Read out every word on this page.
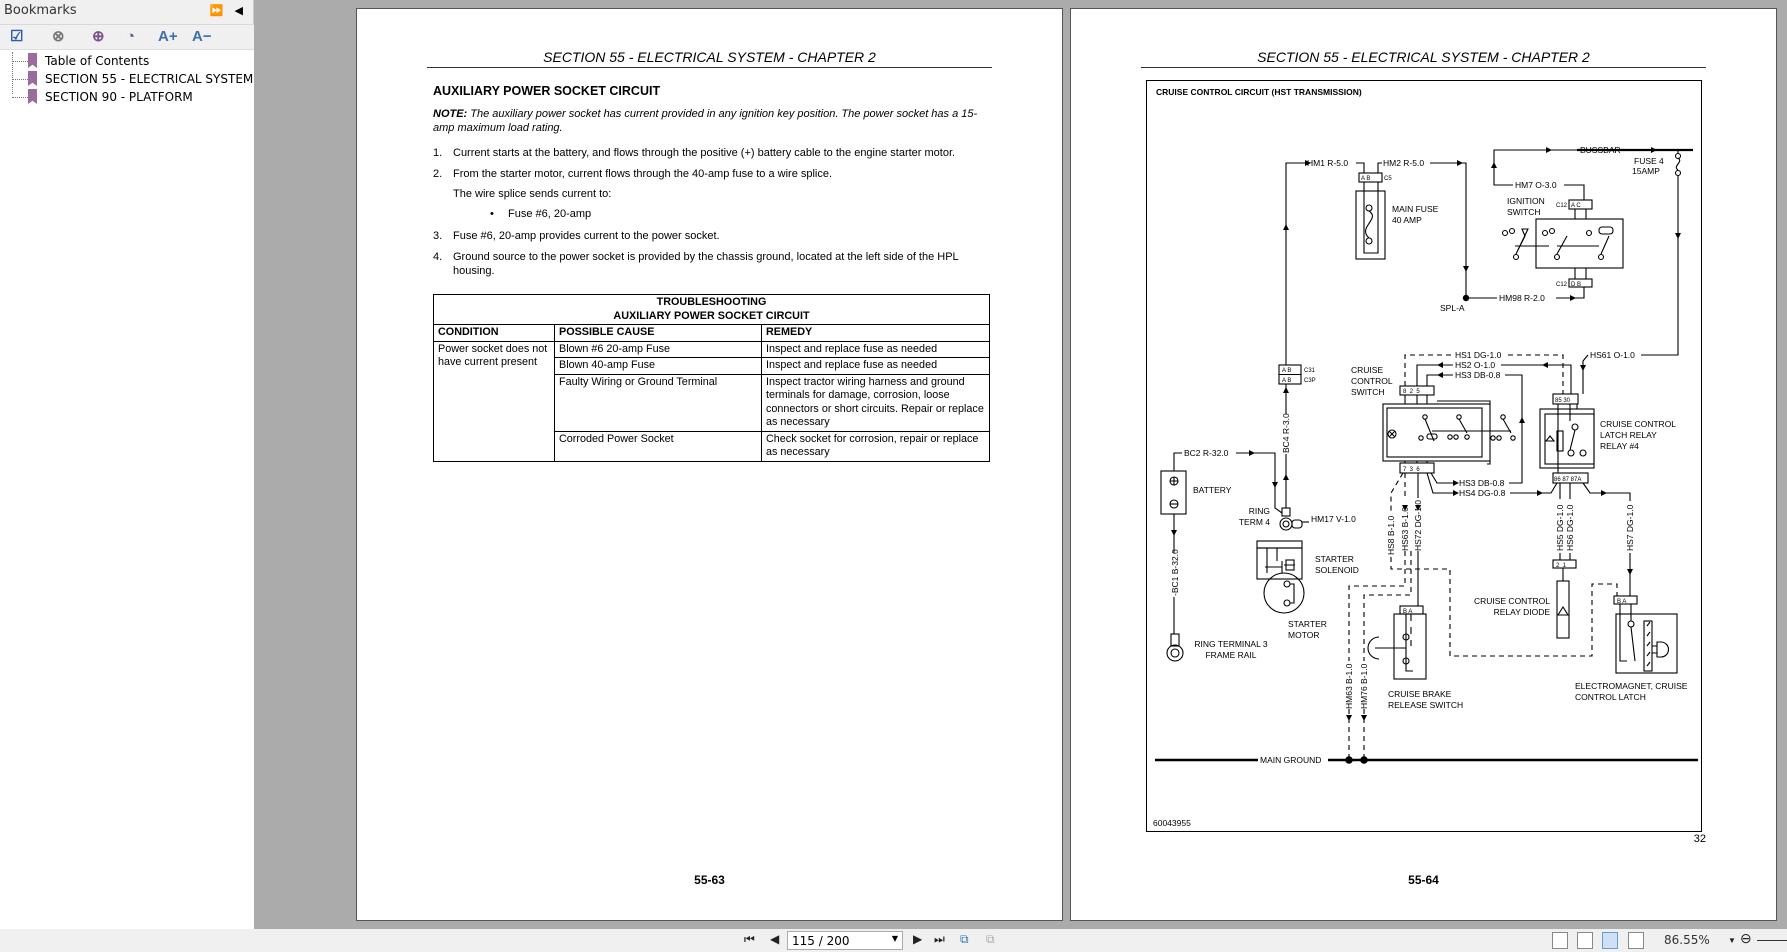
Bookmarks	⏩ ◀
☑ ⊗ ⊕ ◔ A+ A−
Table of Contents
SECTION 55 - ELECTRICAL SYSTEM
SECTION 90 - PLATFORM
SECTION 55 - ELECTRICAL SYSTEM - CHAPTER 2
AUXILIARY POWER SOCKET CIRCUIT
NOTE: The auxiliary power socket has current provided in any ignition key position. The power socket has a 15-amp maximum load rating.
1. Current starts at the battery, and flows through the positive (+) battery cable to the engine starter motor.
2. From the starter motor, current flows through the 40-amp fuse to a wire splice.
The wire splice sends current to:
• Fuse #6, 20-amp
3. Fuse #6, 20-amp provides current to the power socket.
4. Ground source to the power socket is provided by the chassis ground, located at the left side of the HPL housing.
TROUBLESHOOTING
AUXILIARY POWER SOCKET CIRCUIT		
CONDITION	POSSIBLE CAUSE	REMEDY
Power socket does not have current present	Blown #6 20-amp Fuse	Inspect and replace fuse as needed
	Blown 40-amp Fuse	Inspect and replace fuse as needed
	Faulty Wiring or Ground Terminal	Inspect tractor wiring harness and ground terminals for damage, corrosion, loose connectors or short circuits. Repair or replace as necessary
	Corroded Power Socket	Check socket for corrosion, repair or replace as necessary
55-63
SECTION 55 - ELECTRICAL SYSTEM - CHAPTER 2
CRUISE CONTROL CIRCUIT (HST TRANSMISSION)
HM1 R-5.0	HM2 R-5.0
A B C5
MAIN FUSE
40 AMP
BUSSBAR
FUSE 4
15AMP
HM7 O-3.0
IGNITION
SWITCH
A C
C12
D B
C12
SPL-A
HM98 R-2.0
A B
A B
C31
C3P
BC4 R-3.0
BC2 R-32.0
BATTERY
-BC1 B-32.0
RING
TERM 4	HM17 V-1.0
STARTER
SOLENOID
STARTER
MOTOR
RING TERMINAL 3
FRAME RAIL
HS1 DG-1.0
HS2 O-1.0
HS3 DB-0.8
HS61 O-1.0
CRUISE
CONTROL
SWITCH	8  2  5
7  3  6
CRUISE CONTROL
LATCH RELAY
RELAY #4
85 30
86 87 87A
HS3 DB-0.8
HS4 DG-0.8
HS8 B-1.0 HS63 B-1.0 HS72 DG-1.0	HS5 DG-1.0 HS6 DG-1.0	HS7 DG-1.0
2  1
CRUISE CONTROL
RELAY DIODE
B A
B A
CRUISE BRAKE
RELEASE SWITCH
ELECTROMAGNET, CRUISE
CONTROL LATCH
HM63 B-1.0 HM76 B-1.0
MAIN GROUND
60043955
32
55-64
⏮ ◀	115 / 200	▼ ▶ ⏭ ⧉ ⧉	86.55% ▼ ⊖
